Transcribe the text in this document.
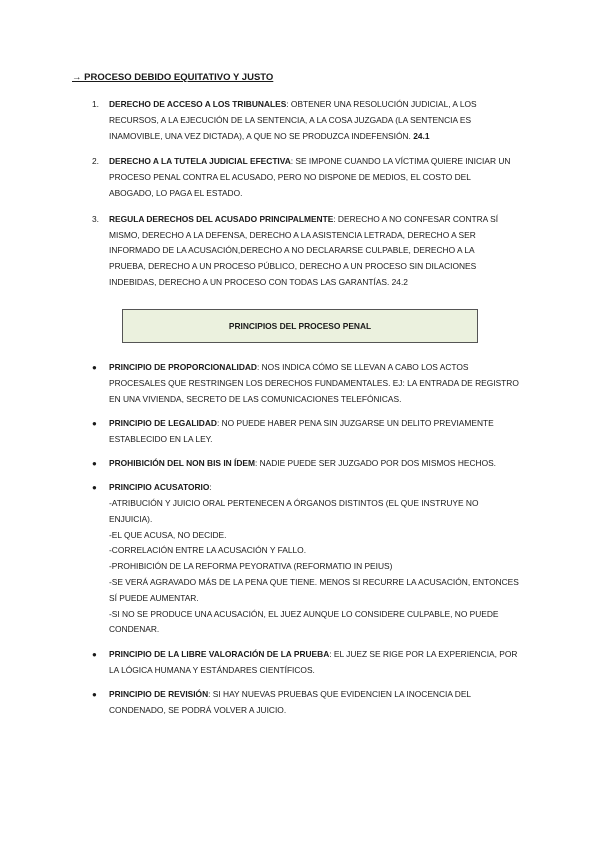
→ PROCESO DEBIDO EQUITATIVO Y JUSTO
1. DERECHO DE ACCESO A LOS TRIBUNALES: OBTENER UNA RESOLUCIÓN JUDICIAL, A LOS RECURSOS, A LA EJECUCIÓN DE LA SENTENCIA, A LA COSA JUZGADA (LA SENTENCIA ES INAMOVIBLE, UNA VEZ DICTADA), A QUE NO SE PRODUZCA INDEFENSIÓN. 24.1
2. DERECHO A LA TUTELA JUDICIAL EFECTIVA: SE IMPONE CUANDO LA VÍCTIMA QUIERE INICIAR UN PROCESO PENAL CONTRA EL ACUSADO, PERO NO DISPONE DE MEDIOS, EL COSTO DEL ABOGADO, LO PAGA EL ESTADO.
3. REGULA DERECHOS DEL ACUSADO PRINCIPALMENTE: DERECHO A NO CONFESAR CONTRA SÍ MISMO, DERECHO A LA DEFENSA, DERECHO A LA ASISTENCIA LETRADA, DERECHO A SER INFORMADO DE LA ACUSACIÓN,DERECHO A NO DECLARARSE CULPABLE, DERECHO A LA PRUEBA, DERECHO A UN PROCESO PÚBLICO, DERECHO A UN PROCESO SIN DILACIONES INDEBIDAS, DERECHO A UN PROCESO CON TODAS LAS GARANTÍAS. 24.2
PRINCIPIOS DEL PROCESO PENAL
● PRINCIPIO DE PROPORCIONALIDAD: NOS INDICA CÓMO SE LLEVAN A CABO LOS ACTOS PROCESALES QUE RESTRINGEN LOS DERECHOS FUNDAMENTALES. EJ: LA ENTRADA DE REGISTRO EN UNA VIVIENDA, SECRETO DE LAS COMUNICACIONES TELEFÓNICAS.
● PRINCIPIO DE LEGALIDAD: NO PUEDE HABER PENA SIN JUZGARSE UN DELITO PREVIAMENTE ESTABLECIDO EN LA LEY.
● PROHIBICIÓN DEL NON BIS IN ÍDEM: NADIE PUEDE SER JUZGADO POR DOS MISMOS HECHOS.
● PRINCIPIO ACUSATORIO:
-ATRIBUCIÓN Y JUICIO ORAL PERTENECEN A ÓRGANOS DISTINTOS (EL QUE INSTRUYE NO ENJUICIA).
-EL QUE ACUSA, NO DECIDE.
-CORRELACIÓN ENTRE LA ACUSACIÓN Y FALLO.
-PROHIBICIÓN DE LA REFORMA PEYORATIVA (REFORMATIO IN PEIUS)
-SE VERÁ AGRAVADO MÁS DE LA PENA QUE TIENE. MENOS SI RECURRE LA ACUSACIÓN, ENTONCES SÍ PUEDE AUMENTAR.
-SI NO SE PRODUCE UNA ACUSACIÓN, EL JUEZ AUNQUE LO CONSIDERE CULPABLE, NO PUEDE CONDENAR.
● PRINCIPIO DE LA LIBRE VALORACIÓN DE LA PRUEBA: EL JUEZ SE RIGE POR LA EXPERIENCIA, POR LA LÓGICA HUMANA Y ESTÁNDARES CIENTÍFICOS.
● PRINCIPIO DE REVISIÓN: SI HAY NUEVAS PRUEBAS QUE EVIDENCIEN LA INOCENCIA DEL CONDENADO, SE PODRÁ VOLVER A JUICIO.
